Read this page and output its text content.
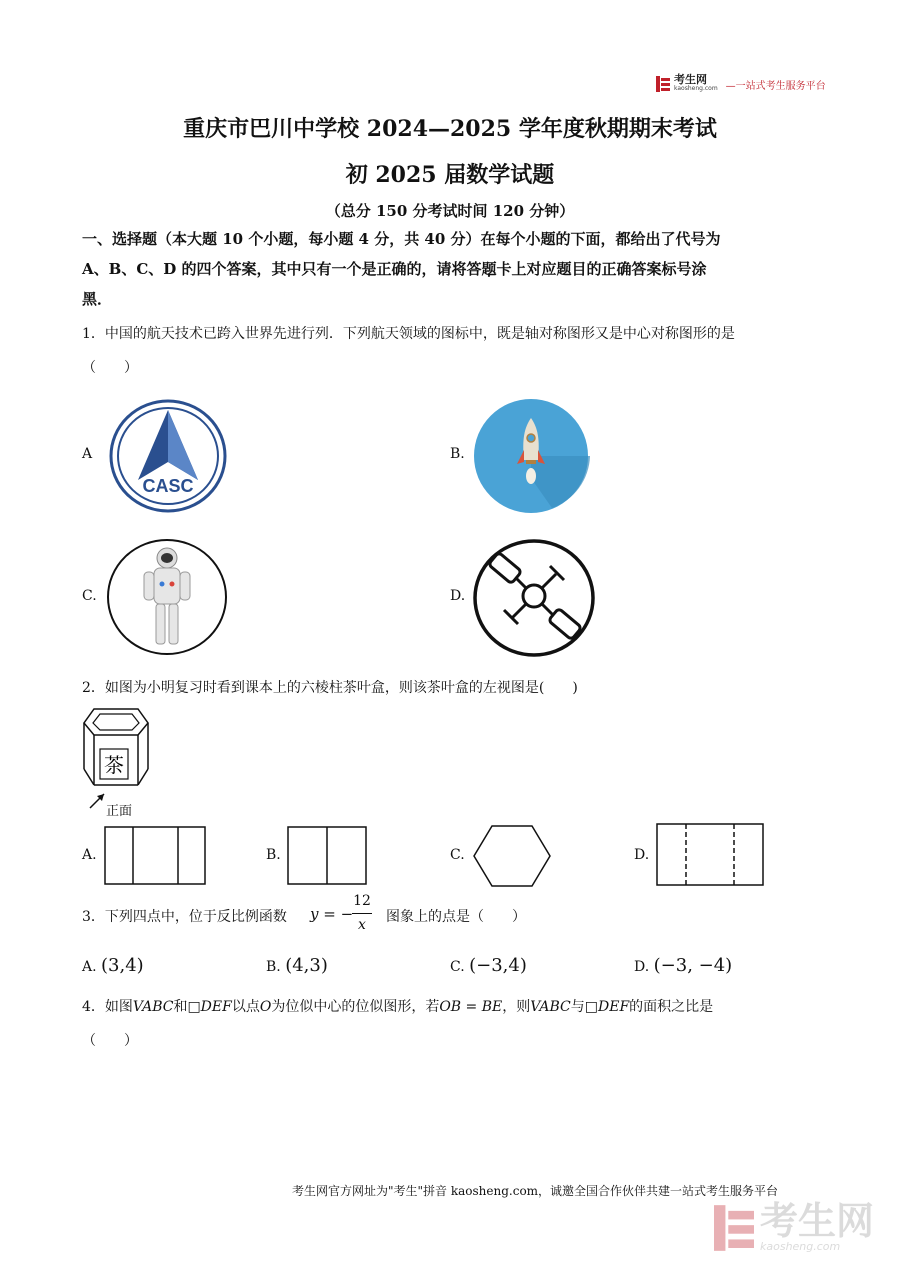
考生网
kaosheng.com —一站式考生服务平台
重庆市巴川中学校 2024—2025 学年度秋期期末考试
初 2025 届数学试题
（总分 150 分考试时间 120 分钟）
一、选择题（本大题 10 个小题，每小题 4 分，共 40 分）在每个小题的下面，都给出了代号为
A、B、C、D 的四个答案，其中只有一个是正确的，请将答题卡 .上对应题目的正确答案标号涂
黑．
1．中国的航天技术已跨入世界先进行列．下列航天领域的图标中，既是轴对称图形又是中心对称图形的是
（　　）
A
CASC
B.
C.	D.
2．如图为小明复习时看到课本上的六棱柱茶叶盒，则该茶叶盒的左视图是(　　)
茶
正面
A.	B.	C.	D.
3．下列四点中，位于反比例函数 y = −
12
x	图象上的点是（　　）
A. (3,4)	B. (4,3)	C. (−3,4)	D. (−3, −4)
4．如图VABC和□DEF以点O为位似中心的位似图形，若OB = BE，则VABC与□DEF的面积之比是
（　　）
考生网官方网址为"考生"拼音 kaosheng.com，诚邀全国合作伙伴共建一站式考生服务平台
考生网
kaosheng.com
